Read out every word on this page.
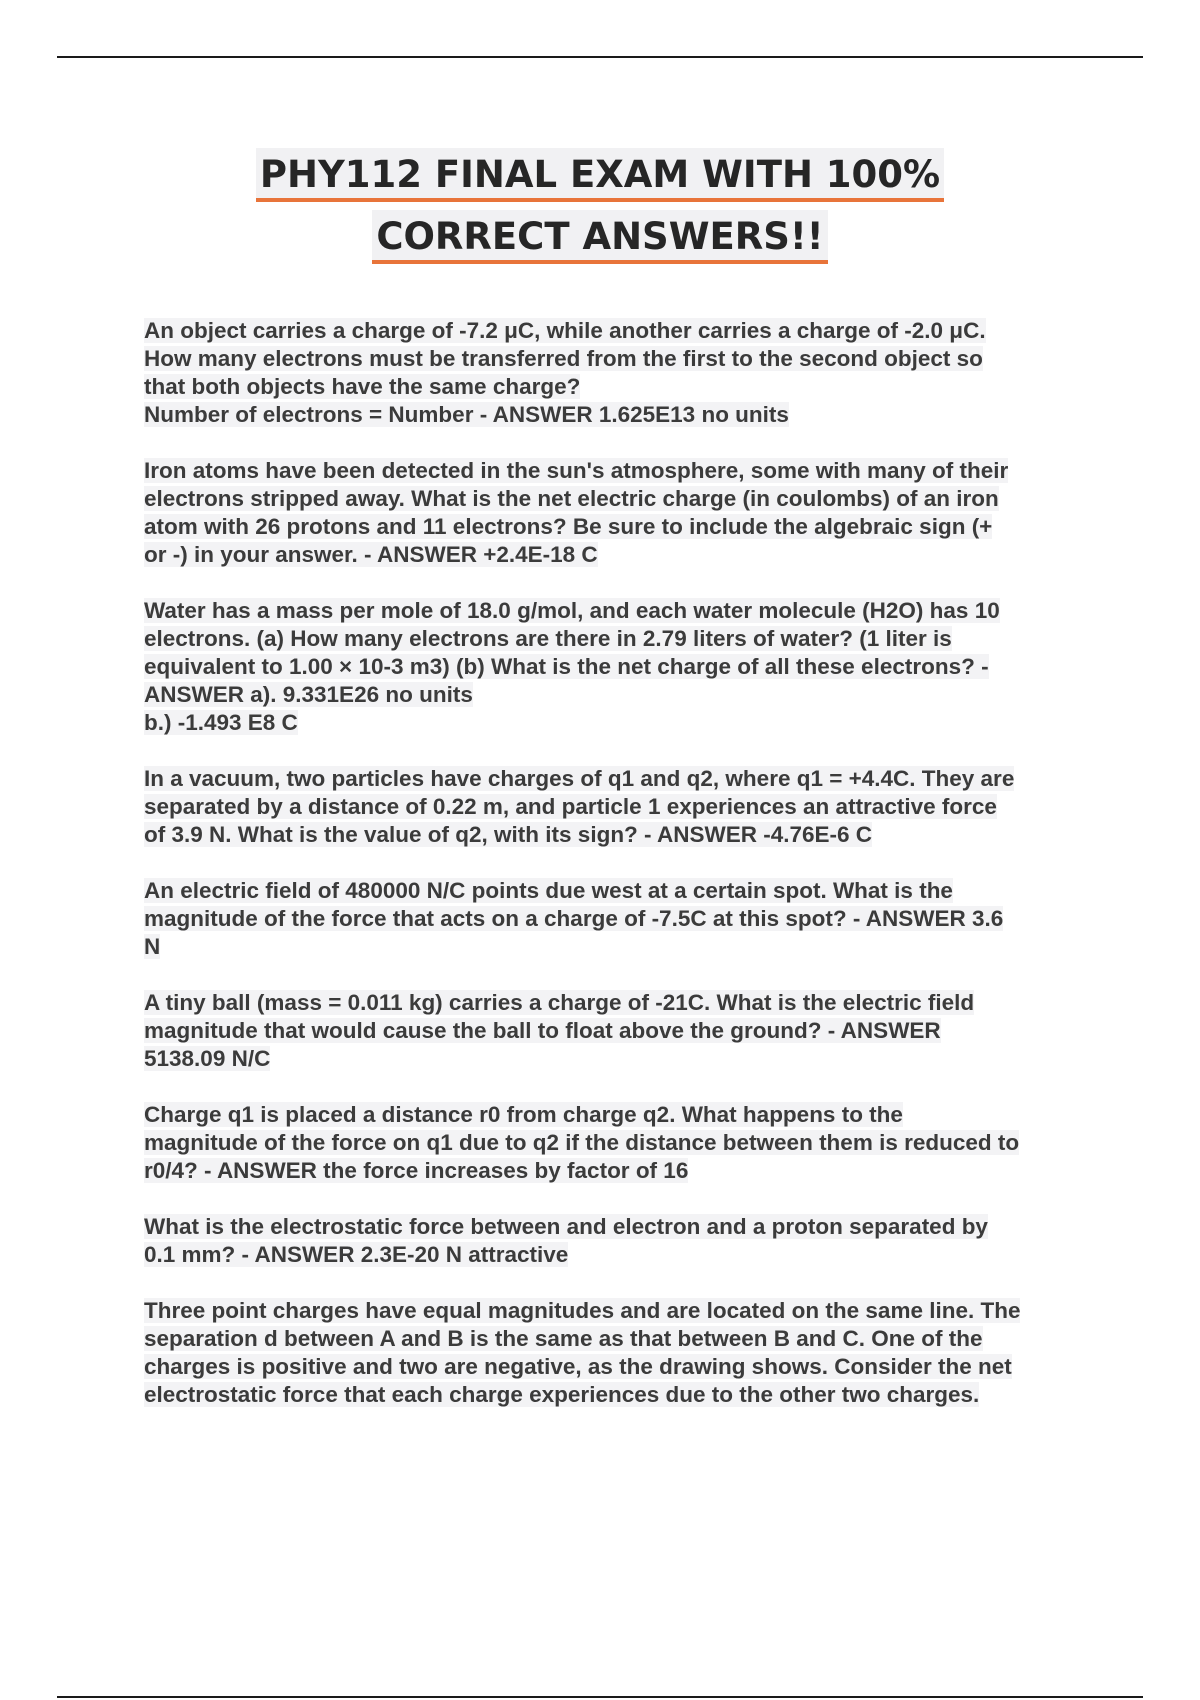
PHY112 FINAL EXAM WITH 100%
CORRECT ANSWERS!!
An object carries a charge of -7.2 μC, while another carries a charge of -2.0 μC.
How many electrons must be transferred from the first to the second object so
that both objects have the same charge?
Number of electrons = Number - ANSWER 1.625E13 no units
Iron atoms have been detected in the sun's atmosphere, some with many of their
electrons stripped away. What is the net electric charge (in coulombs) of an iron
atom with 26 protons and 11 electrons? Be sure to include the algebraic sign (+
or -) in your answer. - ANSWER +2.4E-18 C
Water has a mass per mole of 18.0 g/mol, and each water molecule (H2O) has 10
electrons. (a) How many electrons are there in 2.79 liters of water? (1 liter is
equivalent to 1.00 × 10-3 m3) (b) What is the net charge of all these electrons? -
ANSWER a). 9.331E26 no units
b.) -1.493 E8 C
In a vacuum, two particles have charges of q1 and q2, where q1 = +4.4C. They are
separated by a distance of 0.22 m, and particle 1 experiences an attractive force
of 3.9 N. What is the value of q2, with its sign? - ANSWER -4.76E-6 C
An electric field of 480000 N/C points due west at a certain spot. What is the
magnitude of the force that acts on a charge of -7.5C at this spot? - ANSWER 3.6
N
A tiny ball (mass = 0.011 kg) carries a charge of -21C. What is the electric field
magnitude that would cause the ball to float above the ground? - ANSWER
5138.09 N/C
Charge q1 is placed a distance r0 from charge q2. What happens to the
magnitude of the force on q1 due to q2 if the distance between them is reduced to
r0/4? - ANSWER the force increases by factor of 16
What is the electrostatic force between and electron and a proton separated by
0.1 mm? - ANSWER 2.3E-20 N attractive
Three point charges have equal magnitudes and are located on the same line. The
separation d between A and B is the same as that between B and C. One of the
charges is positive and two are negative, as the drawing shows. Consider the net
electrostatic force that each charge experiences due to the other two charges.
